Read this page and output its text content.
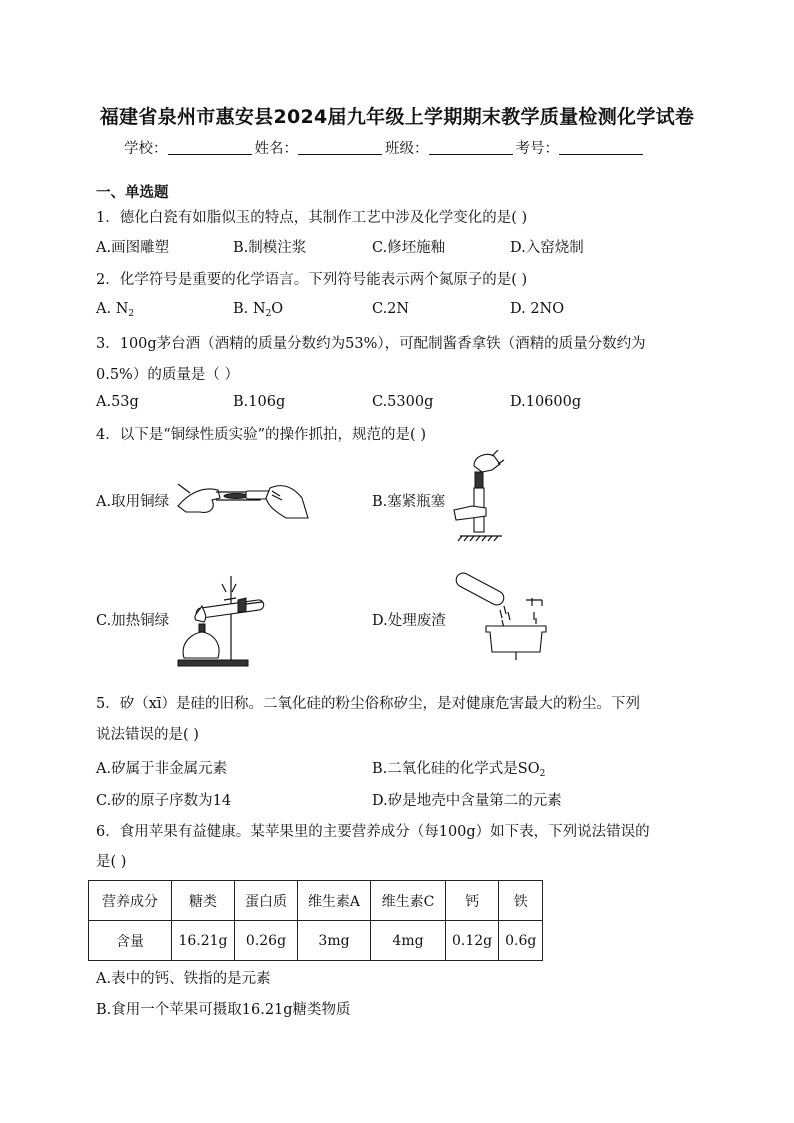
福建省泉州市惠安县2024届九年级上学期期末教学质量检测化学试卷
学校：	姓名：	班级：	考号：
一、单选题
1．德化白瓷有如脂似玉的特点，其制作工艺中涉及化学变化的是( )
A.画图雕塑	B.制模注浆	C.修坯施釉	D.入窑烧制
2．化学符号是重要的化学语言。下列符号能表示两个氮原子的是( )
A. $N_2$	B. $N_2O$	C.2N	D. 2NO
3．100g茅台酒（酒精的质量分数约为53%），可配制酱香拿铁（酒精的质量分数约为
0.5%）的质量是（ ）
A.53g	B.106g	C.5300g	D.10600g
4．以下是“铜绿性质实验”的操作抓拍，规范的是( )
A.取用铜绿	B.塞紧瓶塞
C.加热铜绿	D.处理废渣
5．矽（xī）是硅的旧称。二氧化硅的粉尘俗称矽尘，是对健康危害最大的粉尘。下列
说法错误的是( )
A.矽属于非金属元素	B.二氧化硅的化学式是$SO_2$
C.矽的原子序数为14	D.矽是地壳中含量第二的元素
6．食用苹果有益健康。某苹果里的主要营养成分（每100g）如下表，下列说法错误的
是( )
营养成分	糖类	蛋白质	维生素A	维生素C	钙	铁
含量	16.21g	0.26g	3mg	4mg	0.12g	0.6g
A.表中的钙、铁指的是元素
B.食用一个苹果可摄取16.21g糖类物质
